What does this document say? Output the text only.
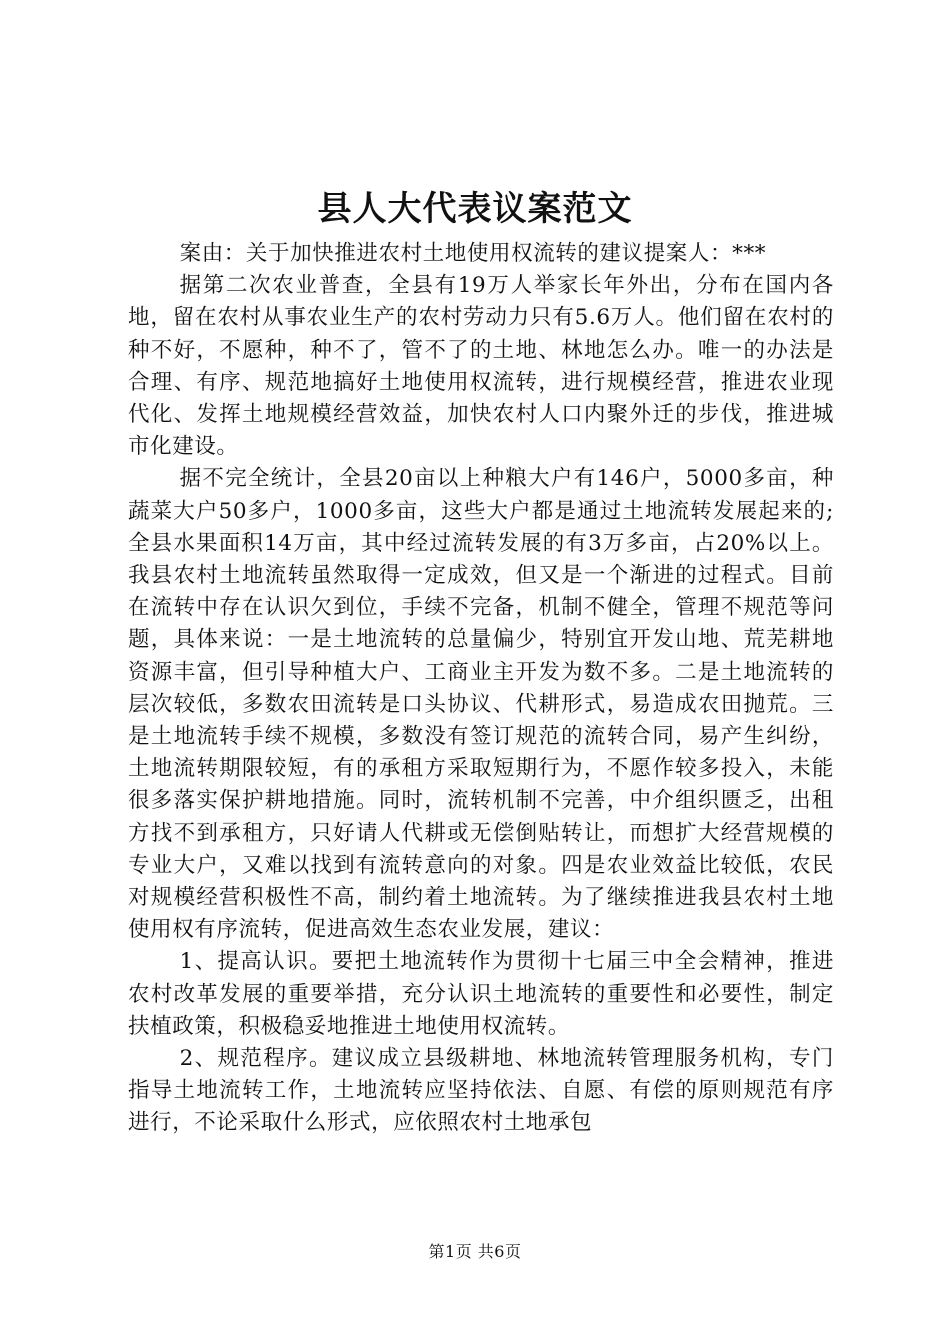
县人大代表议案范文

案由：关于加快推进农村土地使用权流转的建议提案人：***

据第二次农业普查，全县有19万人举家长年外出，分布在国内各地，留在农村从事农业生产的农村劳动力只有5.6万人。他们留在农村的种不好，不愿种，种不了，管不了的土地、林地怎么办。唯一的办法是合理、有序、规范地搞好土地使用权流转，进行规模经营，推进农业现代化、发挥土地规模经营效益，加快农村人口内聚外迁的步伐，推进城市化建设。

据不完全统计，全县20亩以上种粮大户有146户，5000多亩，种蔬菜大户50多户，1000多亩，这些大户都是通过土地流转发展起来的;全县水果面积14万亩，其中经过流转发展的有3万多亩，占20%以上。我县农村土地流转虽然取得一定成效，但又是一个渐进的过程式。目前在流转中存在认识欠到位，手续不完备，机制不健全，管理不规范等问题，具体来说：一是土地流转的总量偏少，特别宜开发山地、荒芜耕地资源丰富，但引导种植大户、工商业主开发为数不多。二是土地流转的层次较低，多数农田流转是口头协议、代耕形式，易造成农田抛荒。三是土地流转手续不规模，多数没有签订规范的流转合同，易产生纠纷，土地流转期限较短，有的承租方采取短期行为，不愿作较多投入，未能很多落实保护耕地措施。同时，流转机制不完善，中介组织匮乏，出租方找不到承租方，只好请人代耕或无偿倒贴转让，而想扩大经营规模的专业大户，又难以找到有流转意向的对象。四是农业效益比较低，农民对规模经营积极性不高，制约着土地流转。为了继续推进我县农村土地使用权有序流转，促进高效生态农业发展，建议：

1、提高认识。要把土地流转作为贯彻十七届三中全会精神，推进农村改革发展的重要举措，充分认识土地流转的重要性和必要性，制定扶植政策，积极稳妥地推进土地使用权流转。

2、规范程序。建议成立县级耕地、林地流转管理服务机构，专门指导土地流转工作，土地流转应坚持依法、自愿、有偿的原则规范有序进行，不论采取什么形式，应依照农村土地承包

第1页 共6页
